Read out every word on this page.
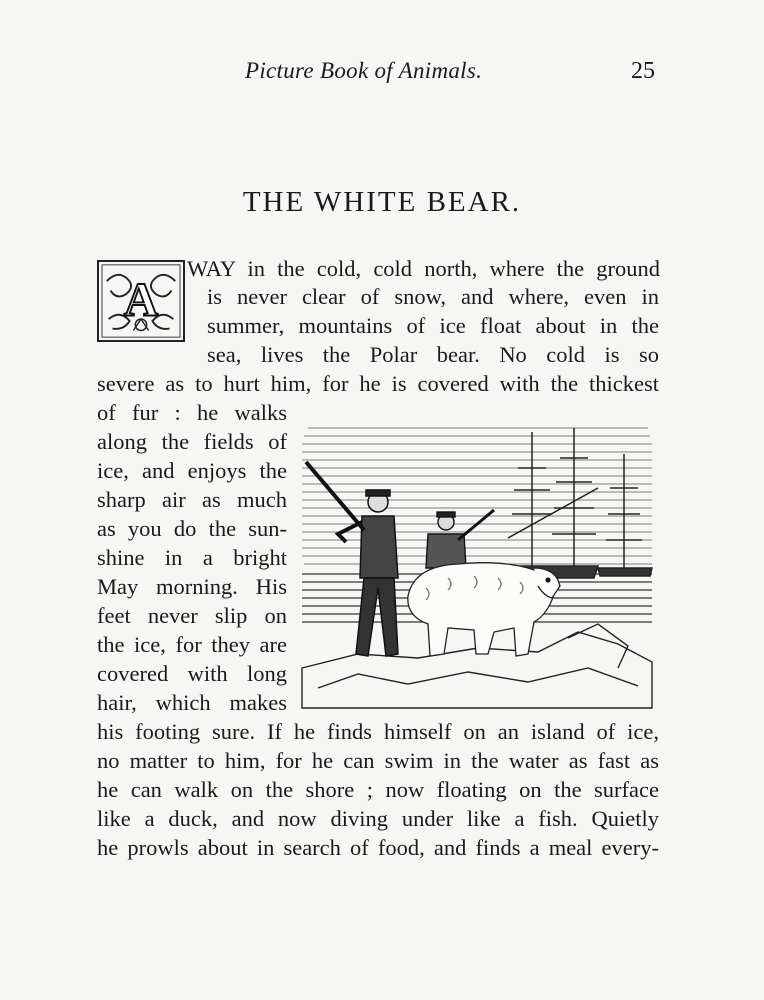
Picture Book of Animals.	25
THE WHITE BEAR.
A
WAY in the cold, cold north, where the ground
is never clear of snow, and where, even in
summer, mountains of ice float about in the
sea, lives the Polar bear. No cold is so
severe as to hurt him, for he is covered with the thickest
of fur : he walks
along the fields of
ice, and enjoys the
sharp air as much
as you do the sun-
shine in a bright
May morning. His
feet never slip on
the ice, for they are
covered with long
hair, which makes
his footing sure. If he finds himself on an island of ice,
no matter to him, for he can swim in the water as fast as
he can walk on the shore ; now floating on the surface
like a duck, and now diving under like a fish. Quietly
he prowls about in search of food, and finds a meal every-
